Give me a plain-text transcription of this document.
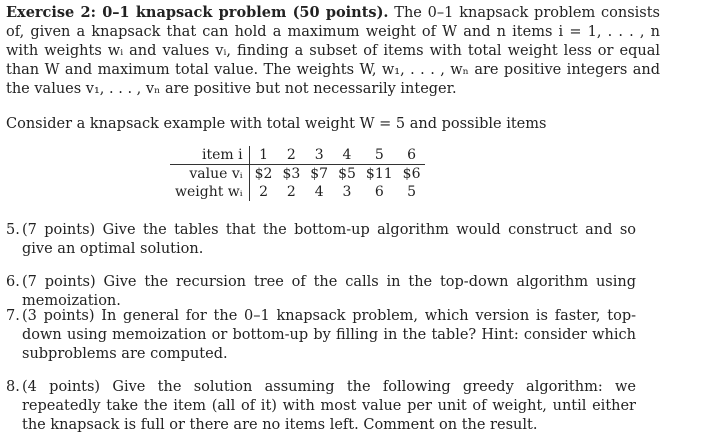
Exercise 2: 0–1 knapsack problem (50 points). The 0–1 knapsack problem consists of, given a knapsack that can hold a maximum weight of W and n items i = 1, . . . , n with weights wᵢ and values vᵢ, finding a subset of items with total weight less or equal than W and maximum total value. The weights W, w₁, . . . , wₙ are positive integers and the values v₁, . . . , vₙ are positive but not necessarily integer.
Consider a knapsack example with total weight W = 5 and possible items
item i	1	2	3	4	5	6
value vᵢ	$2	$3	$7	$5	$11	$6
weight wᵢ	2	2	4	3	6	5
5. (7 points) Give the tables that the bottom-up algorithm would construct and so give an optimal solution.
6. (7 points) Give the recursion tree of the calls in the top-down algorithm using memoization.
7. (3 points) In general for the 0–1 knapsack problem, which version is faster, top-down using memoization or bottom-up by filling in the table? Hint: consider which subproblems are computed.
8. (4 points) Give the solution assuming the following greedy algorithm: we repeatedly take the item (all of it) with most value per unit of weight, until either the knapsack is full or there are no items left. Comment on the result.
